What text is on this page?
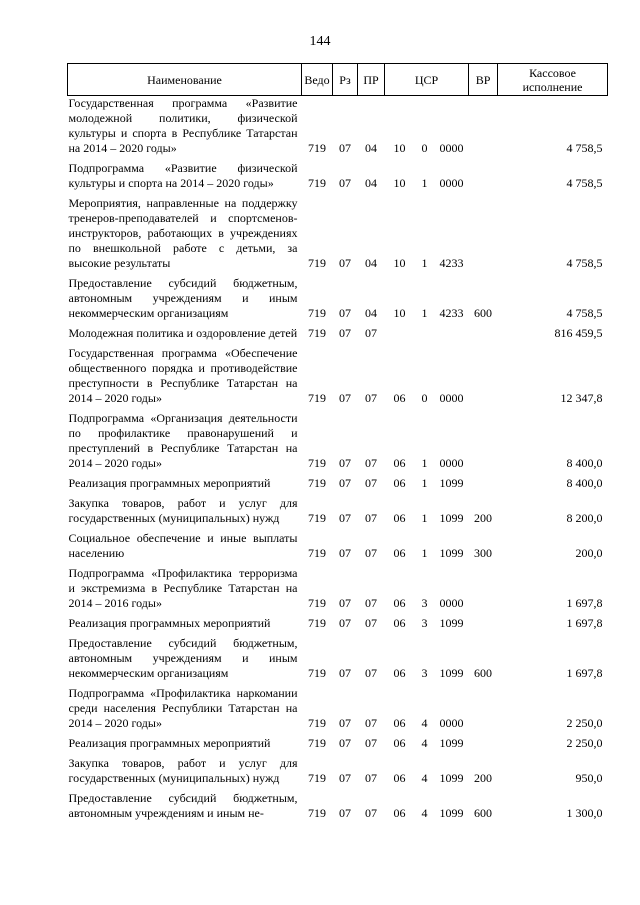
144
Наименование	Ведо	Рз	ПР	ЦСР			ВР	Кассовое исполнение
Государственная программа «Развитие молодежной политики, физической культуры и спорта в Республике Татарстан на 2014 – 2020 годы»	719	07	04	10	0	0000		4 758,5
Подпрограмма «Развитие физической культуры и спорта на 2014 – 2020 годы»	719	07	04	10	1	0000		4 758,5
Мероприятия, направленные на поддержку тренеров-преподавателей и спортсменов-инструкторов, работающих в учреждениях по внешкольной работе с детьми, за высокие результаты	719	07	04	10	1	4233		4 758,5
Предоставление субсидий бюджетным, автономным учреждениям и иным некоммерческим организациям	719	07	04	10	1	4233	600	4 758,5
Молодежная политика и оздоровление детей	719	07	07					816 459,5
Государственная программа «Обеспечение общественного порядка и противодействие преступности в Республике Татарстан на 2014 – 2020 годы»	719	07	07	06	0	0000		12 347,8
Подпрограмма «Организация деятельности по профилактике правонарушений и преступлений в Республике Татарстан на 2014 – 2020 годы»	719	07	07	06	1	0000		8 400,0
Реализация программных мероприятий	719	07	07	06	1	1099		8 400,0
Закупка товаров, работ и услуг для государственных (муниципальных) нужд	719	07	07	06	1	1099	200	8 200,0
Социальное обеспечение и иные выплаты населению	719	07	07	06	1	1099	300	200,0
Подпрограмма «Профилактика терроризма и экстремизма в Республике Татарстан на 2014 – 2016 годы»	719	07	07	06	3	0000		1 697,8
Реализация программных мероприятий	719	07	07	06	3	1099		1 697,8
Предоставление субсидий бюджетным, автономным учреждениям и иным некоммерческим организациям	719	07	07	06	3	1099	600	1 697,8
Подпрограмма «Профилактика наркомании среди населения Республики Татарстан на 2014 – 2020 годы»	719	07	07	06	4	0000		2 250,0
Реализация программных мероприятий	719	07	07	06	4	1099		2 250,0
Закупка товаров, работ и услуг для государственных (муниципальных) нужд	719	07	07	06	4	1099	200	950,0
Предоставление субсидий бюджетным, автономным учреждениям и иным не-	719	07	07	06	4	1099	600	1 300,0
